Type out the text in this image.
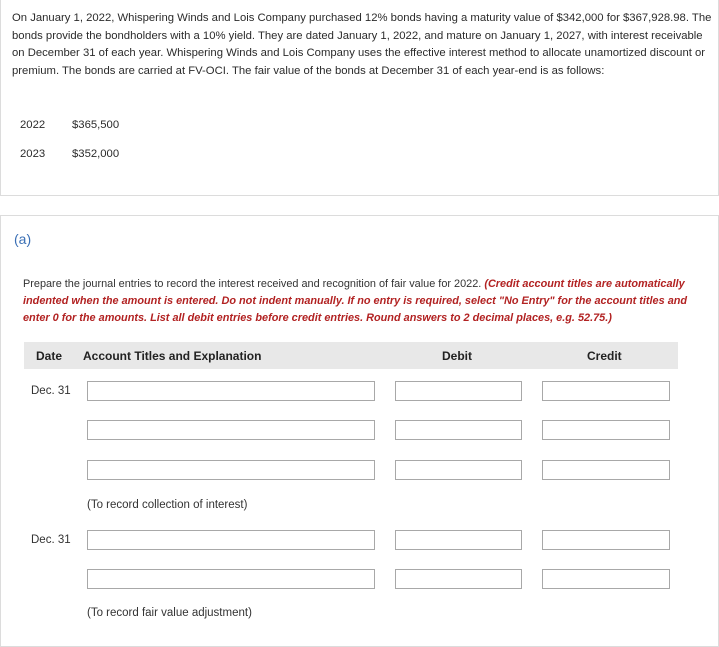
On January 1, 2022, Whispering Winds and Lois Company purchased 12% bonds having a maturity value of $342,000 for $367,928.98. The bonds provide the bondholders with a 10% yield. They are dated January 1, 2022, and mature on January 1, 2027, with interest receivable on December 31 of each year. Whispering Winds and Lois Company uses the effective interest method to allocate unamortized discount or premium. The bonds are carried at FV-OCI. The fair value of the bonds at December 31 of each year-end is as follows:
2022 $365,500
2023 $352,000
(a)
Prepare the journal entries to record the interest received and recognition of fair value for 2022. (Credit account titles are automatically indented when the amount is entered. Do not indent manually. If no entry is required, select "No Entry" for the account titles and enter 0 for the amounts. List all debit entries before credit entries. Round answers to 2 decimal places, e.g. 52.75.)
Date Account Titles and Explanation	Debit	Credit
Dec. 31
(To record collection of interest)
Dec. 31
(To record fair value adjustment)
